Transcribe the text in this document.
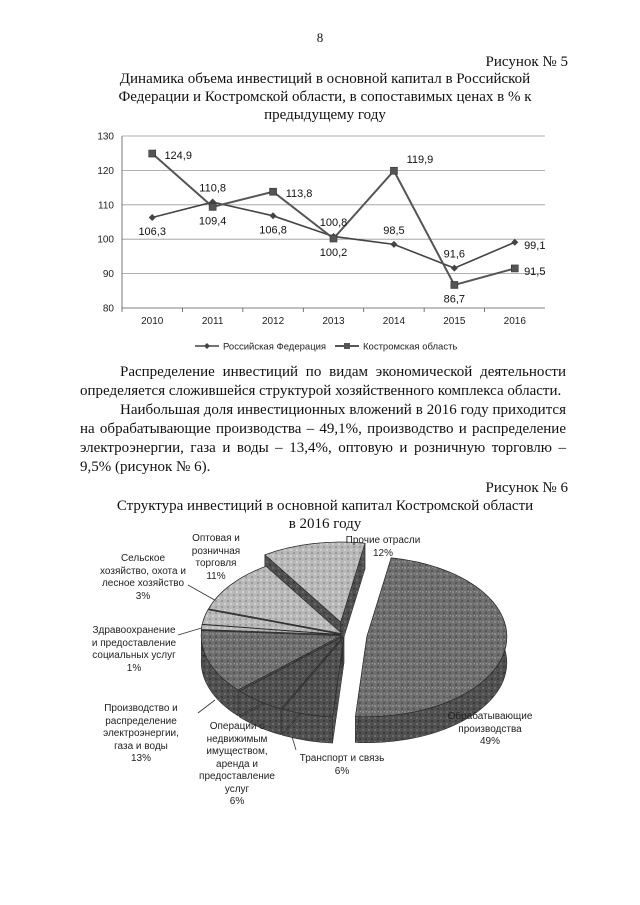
8
Рисунок № 5
Динамика объема инвестиций в основной капитал в Российской
Федерации и Костромской области, в сопоставимых ценах в % к
предыдущему году
80
90
100
110
120
130
2010	2011	2012	2013	2014	2015	2016
106,3
110,8
106,8
100,8
98,5
91,6
99,1
124,9
109,4
113,8
100,2
119,9
86,7
91,5
Российская Федерация	Костромская область

Распределение инвестиций по видам экономической деятельности определяется сложившейся структурой хозяйственного комплекса области.

Наибольшая доля инвестиционных вложений в 2016 году приходится на обрабатывающие производства – 49,1%, производство и распределение электроэнергии, газа и воды – 13,4%, оптовую и розничную торговлю – 9,5% (рисунок № 6).

Рисунок № 6
Структура инвестиций в основной капитал Костромской области
в 2016 году
Оптовая и
розничная
торговля
11%
Прочие отрасли
12%
Сельское
хозяйство, охота и
лесное хозяйство
3%
Здравоохранение
и предоставление
социальных услуг
1%
Производство и
распределение
электроэнергии,
газа и воды
13%
Операции с
недвижимым
имуществом,
аренда и
предоставление
услуг
6%
Транспорт и связь
6%
Обрабатывающие
производства
49%
